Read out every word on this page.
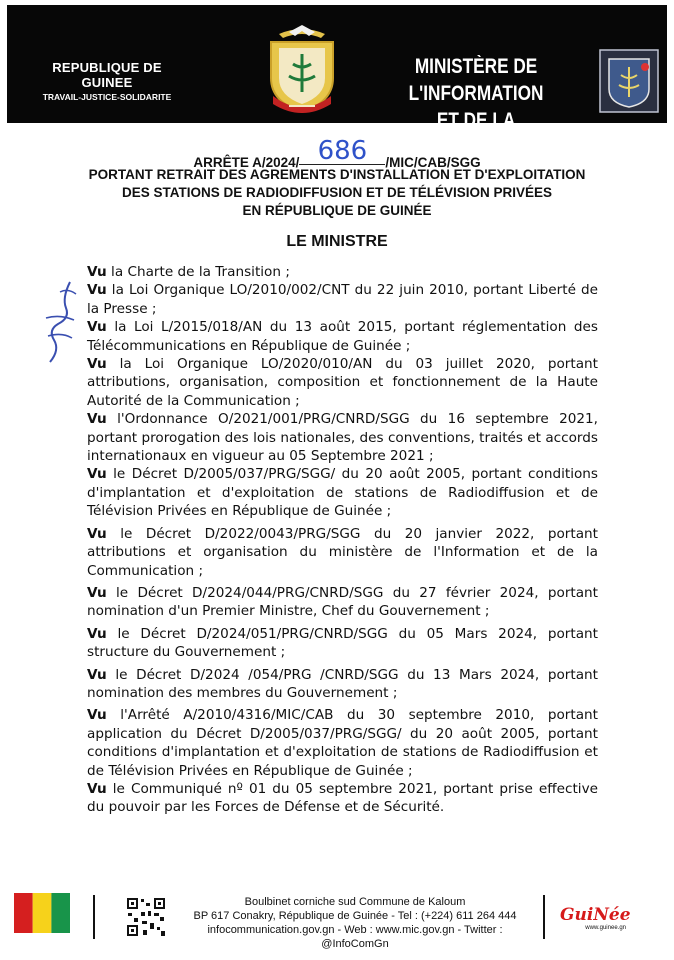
REPUBLIQUE DE GUINEE
TRAVAIL-JUSTICE-SOLIDARITE
MINISTÈRE DE L'INFORMATION
ET DE LA COMMUNICATION
ARRÊTE A/2024/ 686 /MIC/CAB/SGG
PORTANT RETRAIT DES AGREMENTS D'INSTALLATION ET D'EXPLOITATION
DES STATIONS DE RADIODIFFUSION ET DE TÉLÉVISION PRIVÉES
EN RÉPUBLIQUE DE GUINÉE
LE MINISTRE

Vu la Charte de la Transition ;

Vu la Loi Organique LO/2010/002/CNT du 22 juin 2010, portant Liberté de la Presse ;

Vu la Loi L/2015/018/AN du 13 août 2015, portant réglementation des Télécommunications en République de Guinée ;

Vu la Loi Organique LO/2020/010/AN du 03 juillet 2020, portant attributions, organisation, composition et fonctionnement de la Haute Autorité de la Communication ;

Vu l'Ordonnance O/2021/001/PRG/CNRD/SGG du 16 septembre 2021, portant prorogation des lois nationales, des conventions, traités et accords internationaux en vigueur au 05 Septembre 2021 ;

Vu le Décret D/2005/037/PRG/SGG/ du 20 août 2005, portant conditions d'implantation et d'exploitation de stations de Radiodiffusion et de Télévision Privées en République de Guinée ;

Vu le Décret D/2022/0043/PRG/SGG du 20 janvier 2022, portant attributions et organisation du ministère de l'Information et de la Communication ;

Vu le Décret D/2024/044/PRG/CNRD/SGG du 27 février 2024, portant nomination d'un Premier Ministre, Chef du Gouvernement ;

Vu le Décret D/2024/051/PRG/CNRD/SGG du 05 Mars 2024, portant structure du Gouvernement ;

Vu le Décret D/2024 /054/PRG /CNRD/SGG du 13 Mars 2024, portant nomination des membres du Gouvernement ;

Vu l'Arrêté A/2010/4316/MIC/CAB du 30 septembre 2010, portant application du Décret D/2005/037/PRG/SGG/ du 20 août 2005, portant conditions d'implantation et d'exploitation de stations de Radiodiffusion et de Télévision Privées en République de Guinée ;

Vu le Communiqué nº 01 du 05 septembre 2021, portant prise effective du pouvoir par les Forces de Défense et de Sécurité.

Boulbinet corniche sud Commune de Kaloum
BP 617 Conakry, République de Guinée - Tel : (+224) 611 264 444
infocommunication.gov.gn - Web : www.mic.gov.gn - Twitter : @InfoComGn
GuiNée
www.guinee.gn
